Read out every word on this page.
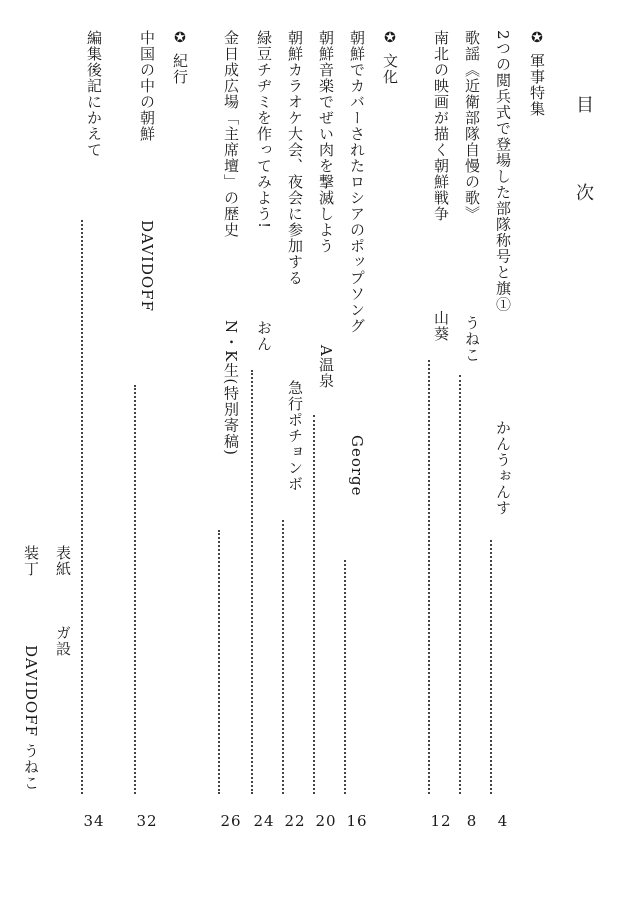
目次
✪ 軍事特集
2つの閲兵式で登場した部隊称号と旗①
かんうぉんす
4
歌謡《近衛部隊自慢の歌》
うねこ
8
南北の映画が描く朝鮮戦争
山葵
12
✪ 文化
朝鮮でカバーされたロシアのポップソング
George
16
朝鮮音楽でぜい肉を撃滅しよう
A温泉
20
朝鮮カラオケ大会、夜会に参加する
急行ポチョンボ
22
緑豆チヂミを作ってみよう!
おん
24
金日成広場「主席壇」の歴史
N・K生(特別寄稿)
26
✪ 紀行
中国の中の朝鮮
DAVIDOFF
32
編集後記にかえて
34
表紙
ガ設
装丁
DAVIDOFF うねこ
